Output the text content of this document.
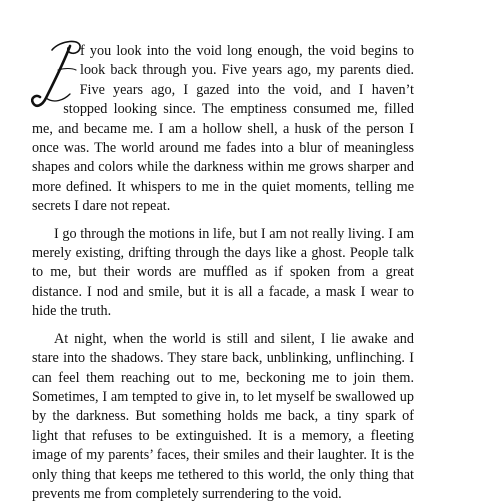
f you look into the void long enough, the void begins to look back through you. Five years ago, my parents died. Five years ago, I gazed into the void, and I haven’t stopped looking since. The emptiness consumed me, filled me, and became me. I am a hollow shell, a husk of the person I once was. The world around me fades into a blur of meaningless shapes and colors while the darkness within me grows sharper and more defined. It whispers to me in the quiet moments, telling me secrets I dare not repeat.

I go through the motions in life, but I am not really living. I am merely existing, drifting through the days like a ghost. People talk to me, but their words are muffled as if spoken from a great distance. I nod and smile, but it is all a facade, a mask I wear to hide the truth.

At night, when the world is still and silent, I lie awake and stare into the shadows. They stare back, unblinking, unflinching. I can feel them reaching out to me, beckoning me to join them. Sometimes, I am tempted to give in, to let myself be swallowed up by the darkness. But something holds me back, a tiny spark of light that refuses to be extinguished. It is a memory, a fleeting image of my parents’ faces, their smiles and their laughter. It is the only thing that keeps me tethered to this world, the only thing that prevents me from completely surrendering to the void.
